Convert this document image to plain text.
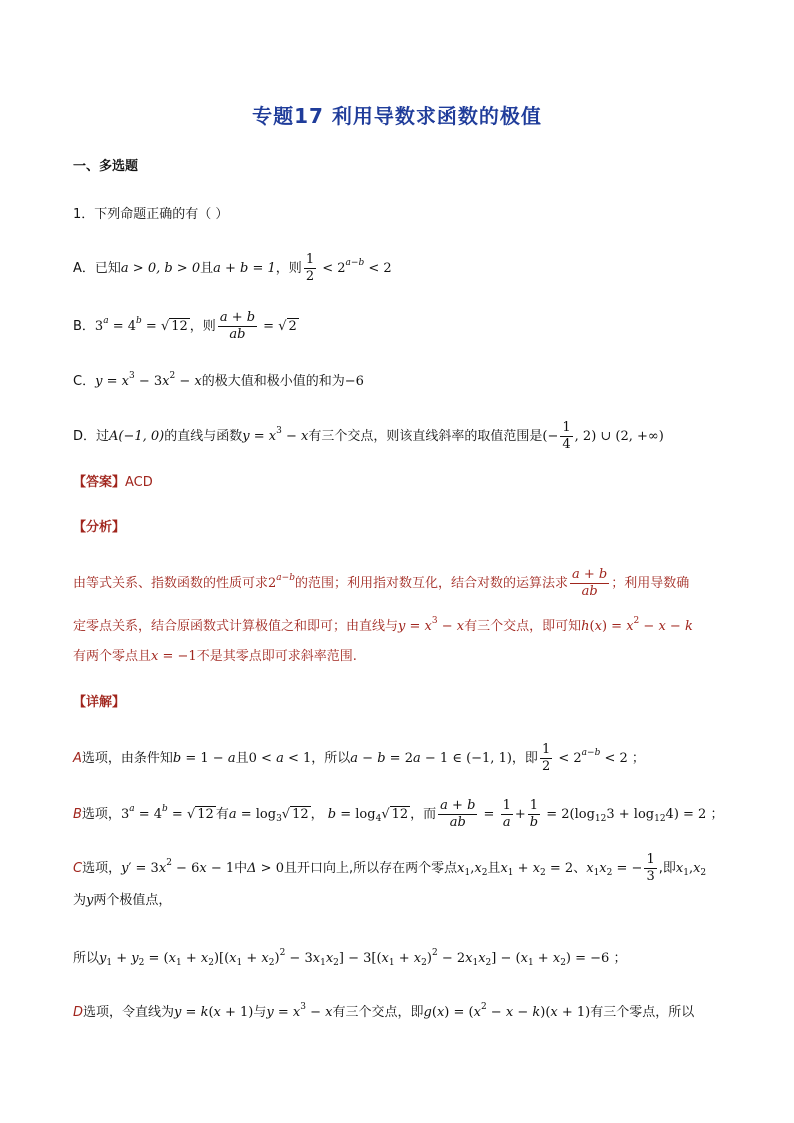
专题17 利用导数求函数的极值
一、多选题
1．下列命题正确的有（ ）
A．已知a > 0, b > 0且a + b = 1，则 $\frac{1}{2} < 2^{a-b} < 2$
B．$3^a = 4^b$ = √ 12 ，则 $\frac{a + b}{ab}$ = √ 2
C．$y = x^3 - 3x^2 - x$的极大值和极小值的和为−6
D．过A(−1, 0)的直线与函数$y = x^3 - x$有三个交点，则该直线斜率的取值范围是(− $\frac{1}{4}$ , 2) ∪ (2, +∞)
【答案】ACD
【分析】
由等式关系、指数函数的性质可求$2^{a-b}$的范围；利用指对数互化，结合对数的运算法求 $\frac{a + b}{ab}$ ；利用导数确
定零点关系，结合原函数式计算极值之和即可；由直线与$y = x^3 - x$有三个交点，即可知$h(x) = x^2 - x - k$
有两个零点且x = −1不是其零点即可求斜率范围.
【详解】
A选项，由条件知b = 1 − a且0 < a < 1，所以a − b = 2a − 1 ∈ (−1, 1)，即 $\frac{1}{2} < 2^{a-b} < 2$ ；
B选项，$3^a = 4^b$ = √ 12 有$a = \log_3√$ 12 ， $b = \log_4√$ 12 ，而 $\frac{a + b}{ab} = \frac{1}{a} + \frac{1}{b} = 2(\log_{12}3 + \log_{12}4) = 2$ ；
C选项，$y' = 3x^2 - 6x - 1$中Δ > 0且开口向上,所以存在两个零点$x_1,x_2$且$x_1 + x_2 = 2$、$x_1x_2$ = − $\frac{1}{3}$ ,即$x_1,x_2$
为y两个极值点，
所以$y_1 + y_2 = (x_1 + x_2)[(x_1 + x_2)^2 - 3x_1x_2] - 3[(x_1 + x_2)^2 - 2x_1x_2] - (x_1 + x_2) = -6$ ；
D选项，令直线为y = k(x + 1)与$y = x^3 - x$有三个交点，即$g(x) = (x^2 - x - k)(x + 1)$有三个零点，所以
